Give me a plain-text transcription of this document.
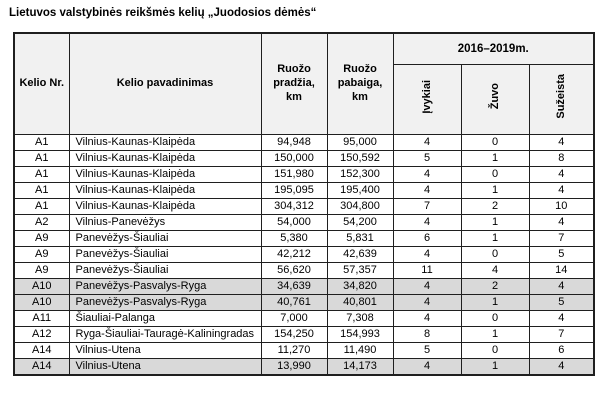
Lietuvos valstybinės reikšmės kelių „Juodosios dėmės“
Kelio Nr.	Kelio pavadinimas	Ruožo pradžia, km	Ruožo pabaiga, km	2016–2019m.		
				Įvykiai	Žuvo	Sužeista
A1	Vilnius-Kaunas-Klaipėda	94,948	95,000	4	0	4
A1	Vilnius-Kaunas-Klaipėda	150,000	150,592	5	1	8
A1	Vilnius-Kaunas-Klaipėda	151,980	152,300	4	0	4
A1	Vilnius-Kaunas-Klaipėda	195,095	195,400	4	1	4
A1	Vilnius-Kaunas-Klaipėda	304,312	304,800	7	2	10
A2	Vilnius-Panevėžys	54,000	54,200	4	1	4
A9	Panevėžys-Šiauliai	5,380	5,831	6	1	7
A9	Panevėžys-Šiauliai	42,212	42,639	4	0	5
A9	Panevėžys-Šiauliai	56,620	57,357	11	4	14
A10	Panevėžys-Pasvalys-Ryga	34,639	34,820	4	2	4
A10	Panevėžys-Pasvalys-Ryga	40,761	40,801	4	1	5
A11	Šiauliai-Palanga	7,000	7,308	4	0	4
A12	Ryga-Šiauliai-Tauragė-Kaliningradas	154,250	154,993	8	1	7
A14	Vilnius-Utena	11,270	11,490	5	0	6
A14	Vilnius-Utena	13,990	14,173	4	1	4
